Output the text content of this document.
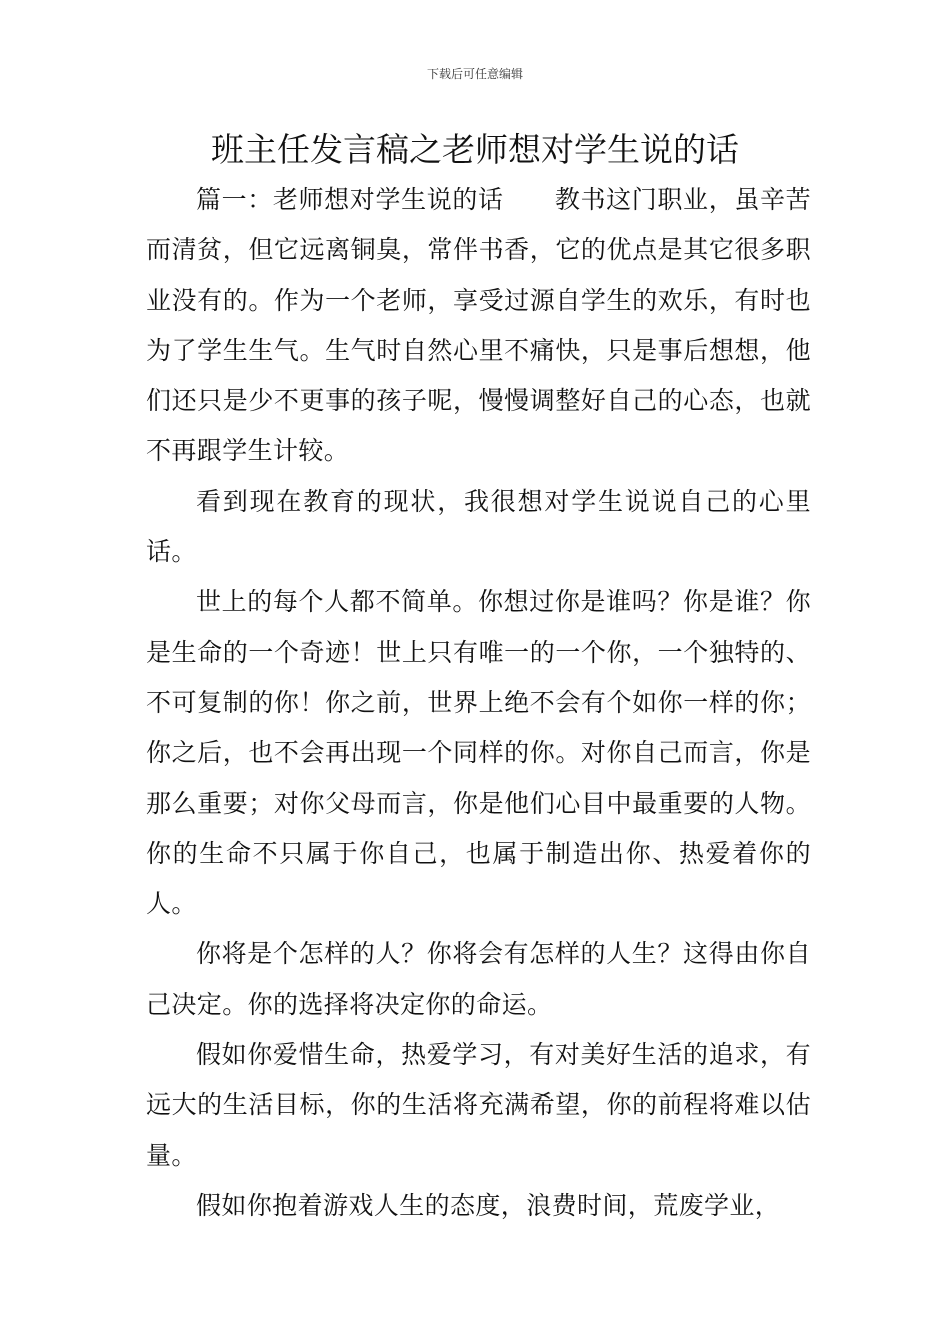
下载后可任意编辑
班主任发言稿之老师想对学生说的话

篇一：老师想对学生说的话　　教书这门职业，虽辛苦而清贫，但它远离铜臭，常伴书香，它的优点是其它很多职业没有的。作为一个老师，享受过源自学生的欢乐，有时也为了学生生气。生气时自然心里不痛快，只是事后想想，他们还只是少不更事的孩子呢，慢慢调整好自己的心态，也就不再跟学生计较。

看到现在教育的现状，我很想对学生说说自己的心里话。

世上的每个人都不简单。你想过你是谁吗？你是谁？你是生命的一个奇迹！世上只有唯一的一个你，一个独特的、不可复制的你！你之前，世界上绝不会有个如你一样的你；你之后，也不会再出现一个同样的你。对你自己而言，你是那么重要；对你父母而言，你是他们心目中最重要的人物。你的生命不只属于你自己，也属于制造出你、热爱着你的人。

你将是个怎样的人？你将会有怎样的人生？这得由你自己决定。你的选择将决定你的命运。

假如你爱惜生命，热爱学习，有对美好生活的追求，有远大的生活目标，你的生活将充满希望，你的前程将难以估量。

假如你抱着游戏人生的态度，浪费时间，荒废学业，
